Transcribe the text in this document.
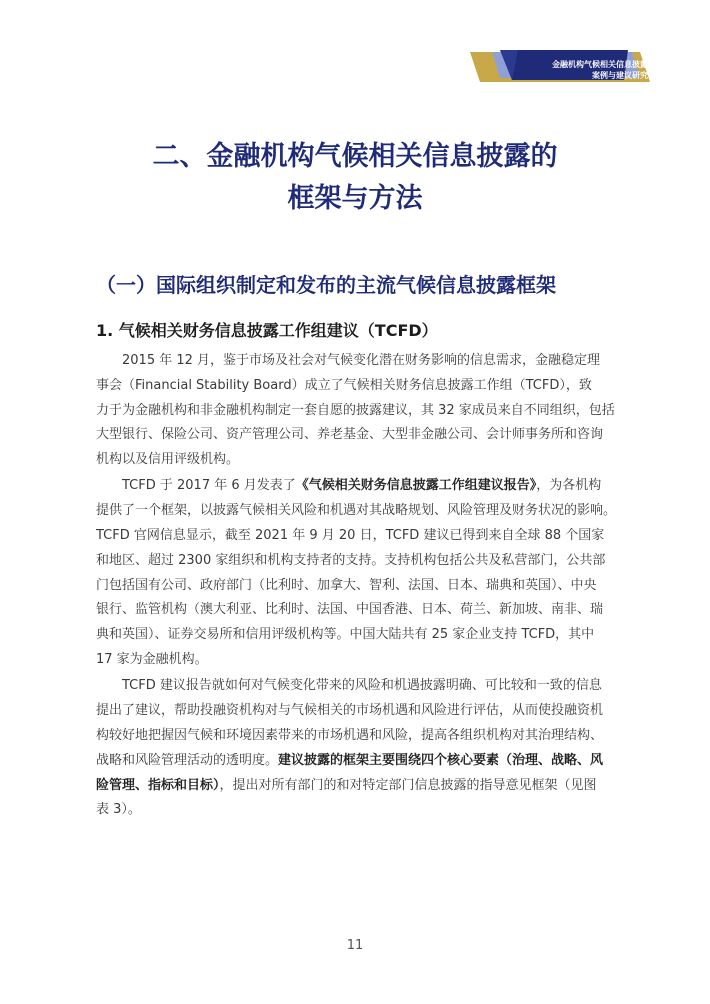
金融机构气候相关信息披露
案例与建议研究
二、金融机构气候相关信息披露的
框架与方法
（一）国际组织制定和发布的主流气候信息披露框架
1. 气候相关财务信息披露工作组建议（TCFD）
2015 年 12 月，鉴于市场及社会对气候变化潜在财务影响的信息需求，金融稳定理
事会（Financial Stability Board）成立了气候相关财务信息披露工作组（TCFD），致
力于为金融机构和非金融机构制定一套自愿的披露建议，其 32 家成员来自不同组织，包括
大型银行、保险公司、资产管理公司、养老基金、大型非金融公司、会计师事务所和咨询
机构以及信用评级机构。
TCFD 于 2017 年 6 月发表了《气候相关财务信息披露工作组建议报告》，为各机构
提供了一个框架，以披露气候相关风险和机遇对其战略规划、风险管理及财务状况的影响。
TCFD 官网信息显示，截至 2021 年 9 月 20 日，TCFD 建议已得到来自全球 88 个国家
和地区、超过 2300 家组织和机构支持者的支持。支持机构包括公共及私营部门，公共部
门包括国有公司、政府部门（比利时、加拿大、智利、法国、日本、瑞典和英国）、中央
银行、监管机构（澳大利亚、比利时、法国、中国香港、日本、荷兰、新加坡、南非、瑞
典和英国）、证券交易所和信用评级机构等。中国大陆共有 25 家企业支持 TCFD，其中
17 家为金融机构。
TCFD 建议报告就如何对气候变化带来的风险和机遇披露明确、可比较和一致的信息
提出了建议，帮助投融资机构对与气候相关的市场机遇和风险进行评估，从而使投融资机
构较好地把握因气候和环境因素带来的市场机遇和风险，提高各组织机构对其治理结构、
战略和风险管理活动的透明度。建议披露的框架主要围绕四个核心要素（治理、战略、风
险管理、指标和目标），提出对所有部门的和对特定部门信息披露的指导意见框架（见图
表 3）。
11
